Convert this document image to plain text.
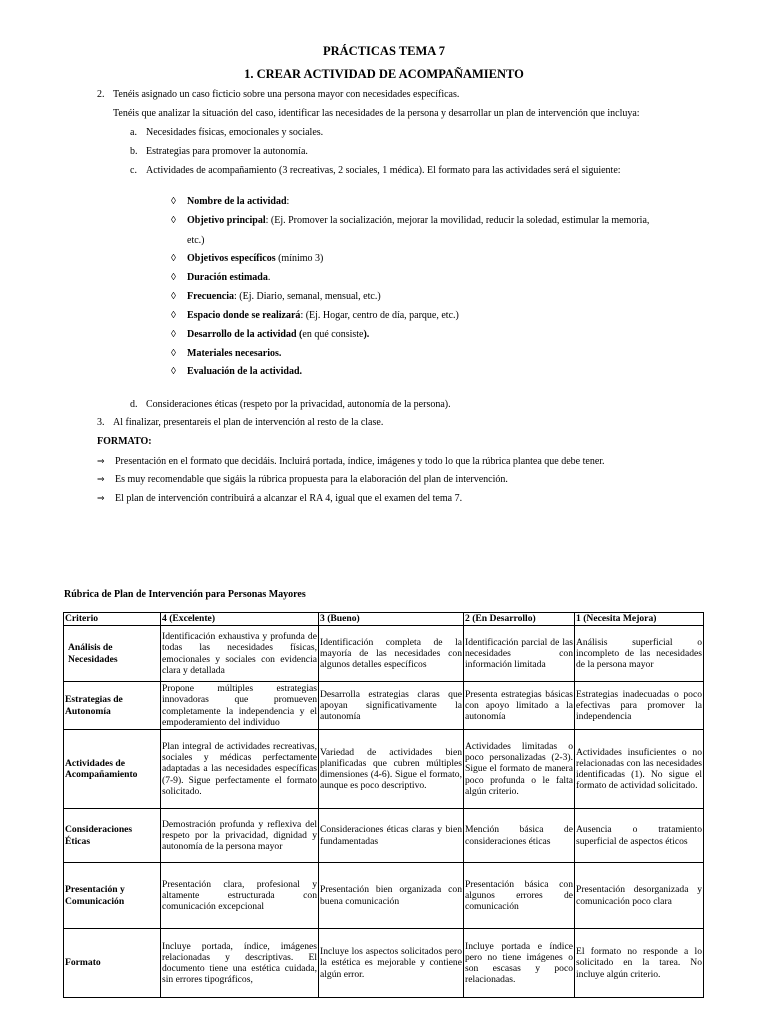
PRÁCTICAS TEMA 7
1. CREAR ACTIVIDAD DE ACOMPAÑAMIENTO
2. Tenéis asignado un caso ficticio sobre una persona mayor con necesidades específicas.
Tenéis que analizar la situación del caso, identificar las necesidades de la persona y desarrollar un plan de intervención que incluya:
a. Necesidades físicas, emocionales y sociales.
b. Estrategias para promover la autonomía.
c. Actividades de acompañamiento (3 recreativas, 2 sociales, 1 médica). El formato para las actividades será el siguiente:
◊ Nombre de la actividad:
◊ Objetivo principal: (Ej. Promover la socialización, mejorar la movilidad, reducir la soledad, estimular la memoria,
etc.)
◊ Objetivos específicos (mínimo 3)
◊ Duración estimada.
◊ Frecuencia: (Ej. Diario, semanal, mensual, etc.)
◊ Espacio donde se realizará: (Ej. Hogar, centro de día, parque, etc.)
◊ Desarrollo de la actividad (en qué consiste).
◊ Materiales necesarios.
◊ Evaluación de la actividad.
d. Consideraciones éticas (respeto por la privacidad, autonomía de la persona).
3. Al finalizar, presentareis el plan de intervención al resto de la clase.
FORMATO:
⇒ Presentación en el formato que decidáis. Incluirá portada, índice, imágenes y todo lo que la rúbrica plantea que debe tener.
⇒ Es muy recomendable que sigáis la rúbrica propuesta para la elaboración del plan de intervención.
⇒ El plan de intervención contribuirá a alcanzar el RA 4, igual que el examen del tema 7.
Rúbrica de Plan de Intervención para Personas Mayores
Criterio	4 (Excelente)	3 (Bueno)	2 (En Desarrollo)	1 (Necesita Mejora)
Análisis de Necesidades	Identificación exhaustiva y profunda de todas las necesidades físicas, emocionales y sociales con evidencia clara y detallada	Identificación completa de la mayoría de las necesidades con algunos detalles específicos	Identificación parcial de las necesidades con información limitada	Análisis superficial o incompleto de las necesidades de la persona mayor
Estrategias de Autonomía	Propone múltiples estrategias innovadoras que promueven completamente la independencia y el empoderamiento del individuo	Desarrolla estrategias claras que apoyan significativamente la autonomía	Presenta estrategias básicas con apoyo limitado a la autonomía	Estrategias inadecuadas o poco efectivas para promover la independencia
Actividades de Acompañamiento	Plan integral de actividades recreativas, sociales y médicas perfectamente adaptadas a las necesidades específicas (7-9). Sigue perfectamente el formato solicitado.	Variedad de actividades bien planificadas que cubren múltiples dimensiones (4-6). Sigue el formato, aunque es poco descriptivo.	Actividades limitadas o poco personalizadas (2-3). Sigue el formato de manera poco profunda o le falta algún criterio.	Actividades insuficientes o no relacionadas con las necesidades identificadas (1). No sigue el formato de actividad solicitado.
Consideraciones Éticas	Demostración profunda y reflexiva del respeto por la privacidad, dignidad y autonomía de la persona mayor	Consideraciones éticas claras y bien fundamentadas	Mención básica de consideraciones éticas	Ausencia o tratamiento superficial de aspectos éticos
Presentación y Comunicación	Presentación clara, profesional y altamente estructurada con comunicación excepcional	Presentación bien organizada con buena comunicación	Presentación básica con algunos errores de comunicación	Presentación desorganizada y comunicación poco clara
Formato	Incluye portada, índice, imágenes relacionadas y descriptivas. El documento tiene una estética cuidada, sin errores tipográficos,	Incluye los aspectos solicitados pero la estética es mejorable y contiene algún error.	Incluye portada e índice pero no tiene imágenes o son escasas y poco relacionadas.	El formato no responde a lo solicitado en la tarea. No incluye algún criterio.
